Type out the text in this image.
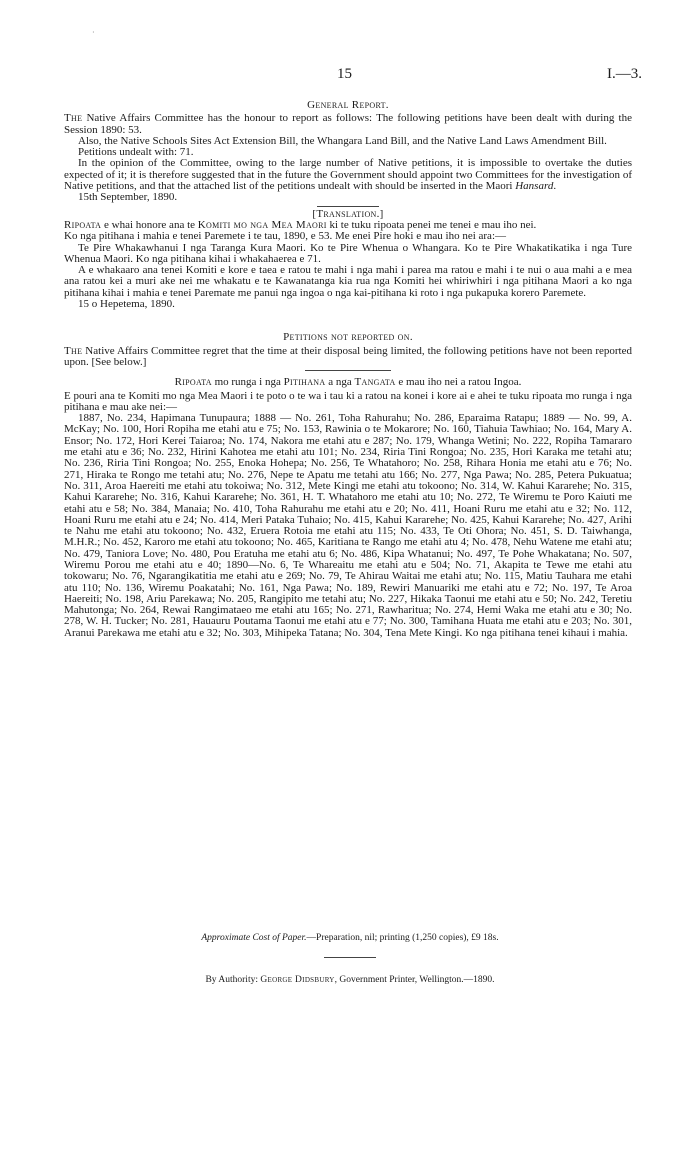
·
15	I.—3.
General Report.

The Native Affairs Committee has the honour to report as follows: The following petitions have been dealt with during the Session 1890: 53.

Also, the Native Schools Sites Act Extension Bill, the Whangara Land Bill, and the Native Land Laws Amendment Bill.

Petitions undealt with: 71.

In the opinion of the Committee, owing to the large number of Native petitions, it is impossible to overtake the duties expected of it; it is therefore suggested that in the future the Government should appoint two Committees for the investigation of Native petitions, and that the attached list of the petitions undealt with should be inserted in the Maori Hansard.

15th September, 1890.

[Translation.]

Ripoata e whai honore ana te Komiti mo nga Mea Maori ki te tuku ripoata penei me tenei e mau iho nei.

Ko nga pitihana i mahia e tenei Paremete i te tau, 1890, e 53. Me enei Pire hoki e mau iho nei ara:—

Te Pire Whakawhanui I nga Taranga Kura Maori. Ko te Pire Whenua o Whangara. Ko te Pire Whakatikatika i nga Ture Whenua Maori. Ko nga pitihana kihai i whakahaerea e 71.

A e whakaaro ana tenei Komiti e kore e taea e ratou te mahi i nga mahi i parea ma ratou e mahi i te nui o aua mahi a e mea ana ratou kei a muri ake nei me whakatu e te Kawanatanga kia rua nga Komiti hei whiriwhiri i nga pitihana Maori a ko nga pitihana kihai i mahia e tenei Paremate me panui nga ingoa o nga kai-pitihana ki roto i nga pukapuka korero Paremete.

15 o Hepetema, 1890.

Petitions not reported on.

The Native Affairs Committee regret that the time at their disposal being limited, the following petitions have not been reported upon. [See below.]

Ripoata mo runga i nga Pitihana a nga Tangata e mau iho nei a ratou Ingoa.

E pouri ana te Komiti mo nga Mea Maori i te poto o te wa i tau ki a ratou na konei i kore ai e ahei te tuku ripoata mo runga i nga pitihana e mau ake nei:—

1887, No. 234, Hapimana Tunupaura; 1888 — No. 261, Toha Rahurahu; No. 286, Eparaima Ratapu; 1889 — No. 99, A. McKay; No. 100, Hori Ropiha me etahi atu e 75; No. 153, Rawinia o te Mokarore; No. 160, Tiahuia Tawhiao; No. 164, Mary A. Ensor; No. 172, Hori Kerei Taiaroa; No. 174, Nakora me etahi atu e 287; No. 179, Whanga Wetini; No. 222, Ropiha Tamararo me etahi atu e 36; No. 232, Hirini Kahotea me etahi atu 101; No. 234, Riria Tini Rongoa; No. 235, Hori Karaka me tetahi atu; No. 236, Riria Tini Rongoa; No. 255, Enoka Hohepa; No. 256, Te Whatahoro; No. 258, Rihara Honia me etahi atu e 76; No. 271, Hiraka te Rongo me tetahi atu; No. 276, Nepe te Apatu me tetahi atu 166; No. 277, Nga Pawa; No. 285, Petera Pukuatua; No. 311, Aroa Haereiti me etahi atu tokoiwa; No. 312, Mete Kingi me etahi atu tokoono; No. 314, W. Kahui Kararehe; No. 315, Kahui Kararehe; No. 316, Kahui Kararehe; No. 361, H. T. Whatahoro me etahi atu 10; No. 272, Te Wiremu te Poro Kaiuti me etahi atu e 58; No. 384, Manaia; No. 410, Toha Rahurahu me etahi atu e 20; No. 411, Hoani Ruru me etahi atu e 32; No. 112, Hoani Ruru me etahi atu e 24; No. 414, Meri Pataka Tuhaio; No. 415, Kahui Kararehe; No. 425, Kahui Kararehe; No. 427, Arihi te Nahu me etahi atu tokoono; No. 432, Eruera Rotoia me etahi atu 115; No. 433, Te Oti Ohora; No. 451, S. D. Taiwhanga, M.H.R.; No. 452, Karoro me etahi atu tokoono; No. 465, Karitiana te Rango me etahi atu 4; No. 478, Nehu Watene me etahi atu; No. 479, Taniora Love; No. 480, Pou Eratuha me etahi atu 6; No. 486, Kipa Whatanui; No. 497, Te Pohe Whakatana; No. 507, Wiremu Porou me etahi atu e 40; 1890—No. 6, Te Whareaitu me etahi atu e 504; No. 71, Akapita te Tewe me etahi atu tokowaru; No. 76, Ngarangikatitia me etahi atu e 269; No. 79, Te Ahirau Waitai me etahi atu; No. 115, Matiu Tauhara me etahi atu 110; No. 136, Wiremu Poakatahi; No. 161, Nga Pawa; No. 189, Rewiri Manuariki me etahi atu e 72; No. 197, Te Aroa Haereiti; No. 198, Ariu Parekawa; No. 205, Rangipito me tetahi atu; No. 227, Hikaka Taonui me etahi atu e 50; No. 242, Teretiu Mahutonga; No. 264, Rewai Rangimataeo me etahi atu 165; No. 271, Rawharitua; No. 274, Hemi Waka me etahi atu e 30; No. 278, W. H. Tucker; No. 281, Hauauru Poutama Taonui me etahi atu e 77; No. 300, Tamihana Huata me etahi atu e 203; No. 301, Aranui Parekawa me etahi atu e 32; No. 303, Mihipeka Tatana; No. 304, Tena Mete Kingi. Ko nga pitihana tenei kihaui i mahia.

Approximate Cost of Paper.—Preparation, nil; printing (1,250 copies), £9 18s.
By Authority: George Didsbury, Government Printer, Wellington.—1890.
